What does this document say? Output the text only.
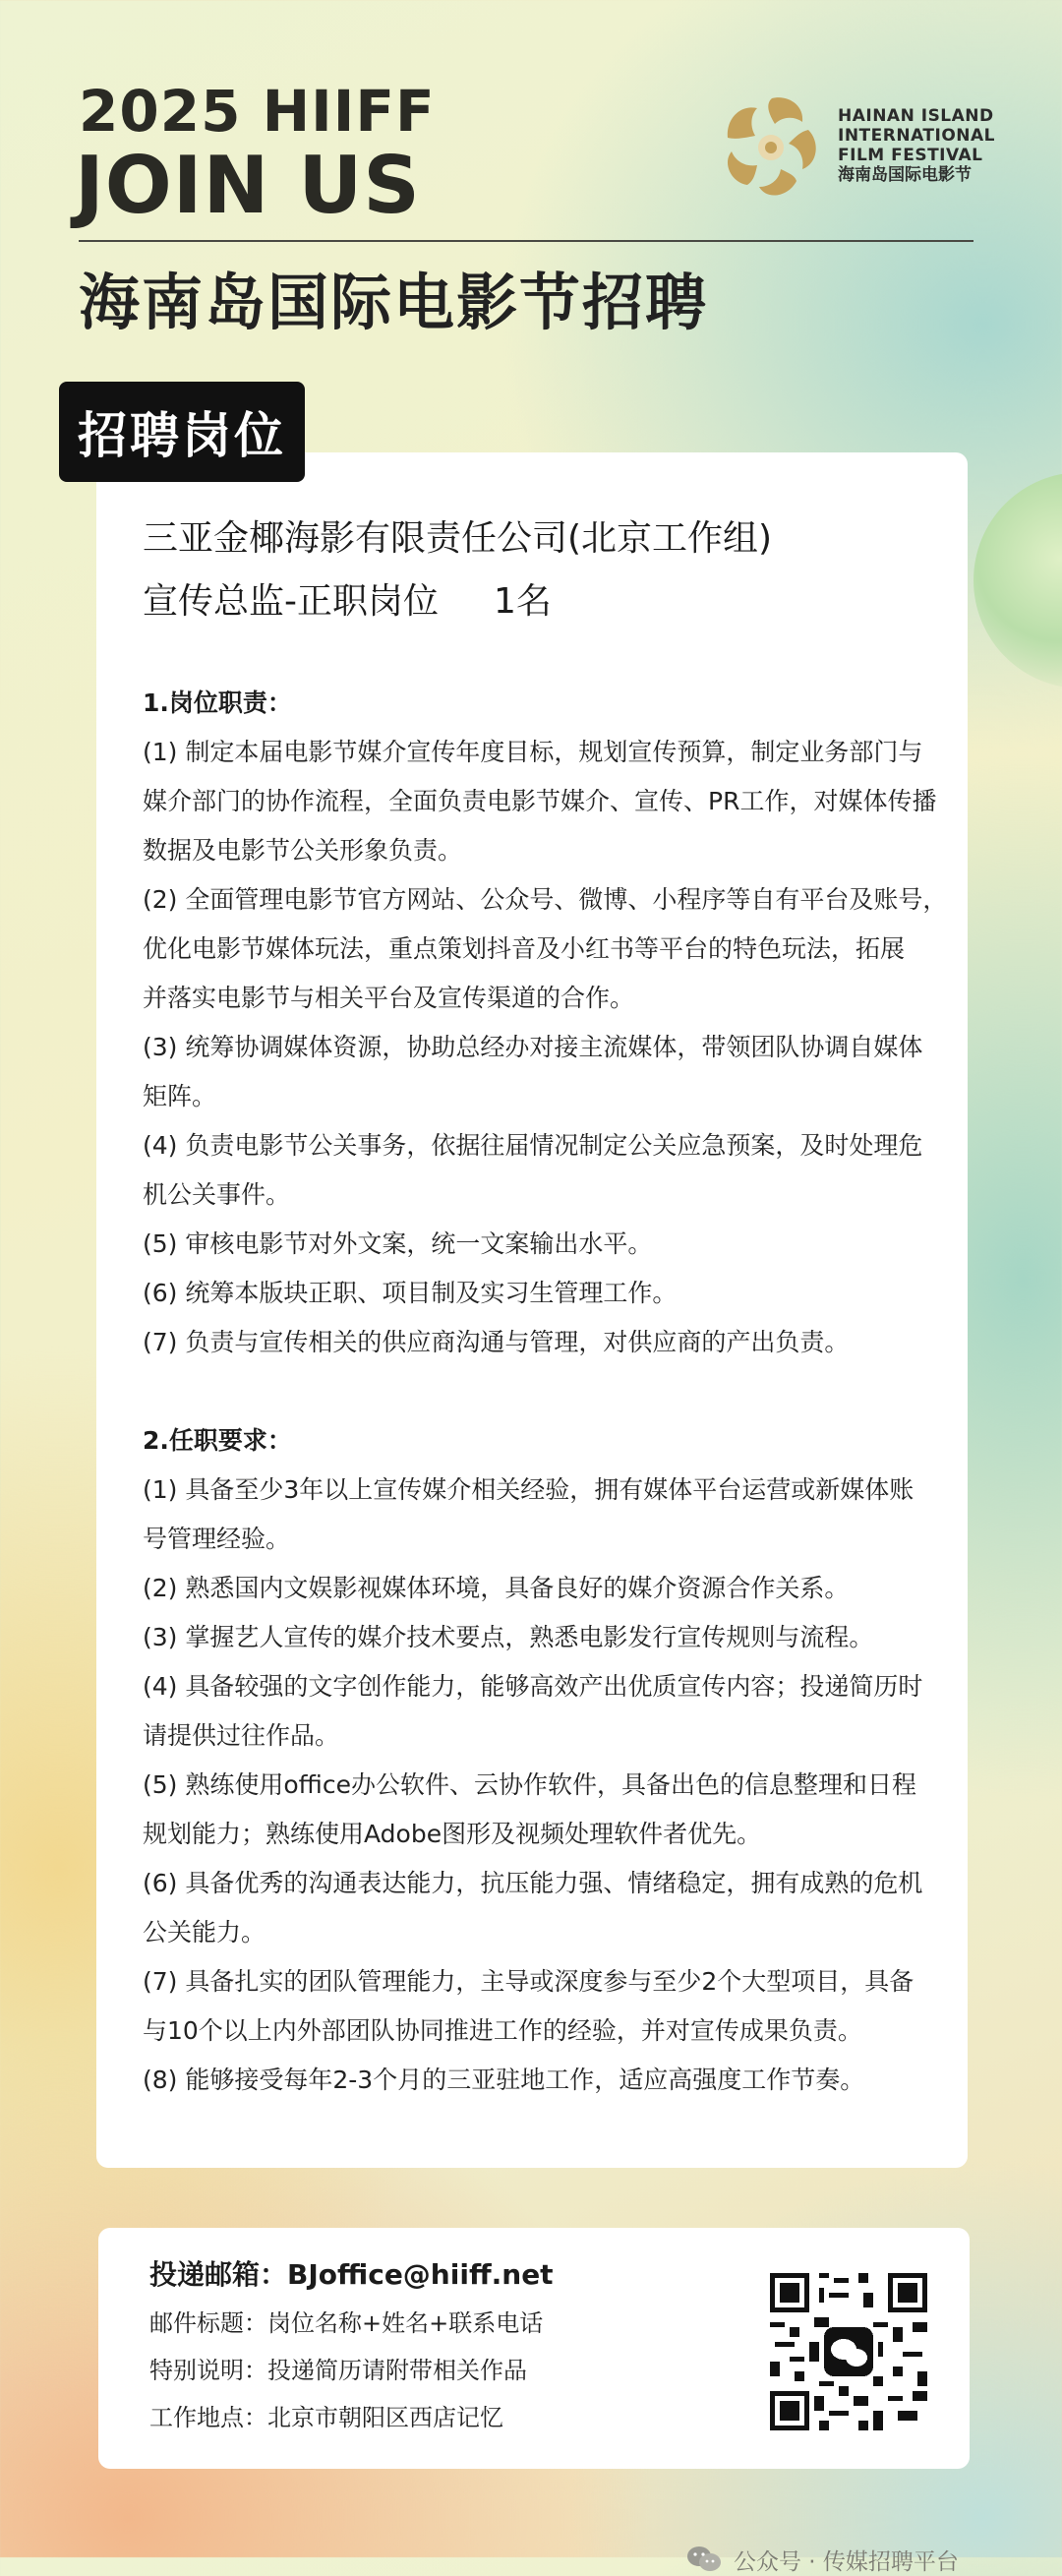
2025 HIIFF
JOIN US
HAINAN ISLAND
INTERNATIONAL
FILM FESTIVAL
海南岛国际电影节
海南岛国际电影节招聘
招聘岗位
三亚金椰海影有限责任公司(北京工作组)
宣传总监-正职岗位 1名

1.岗位职责：

(1) 制定本届电影节媒介宣传年度目标，规划宣传预算，制定业务部门与

媒介部门的协作流程，全面负责电影节媒介、宣传、PR工作，对媒体传播

数据及电影节公关形象负责。

(2) 全面管理电影节官方网站、公众号、微博、小程序等自有平台及账号，

优化电影节媒体玩法，重点策划抖音及小红书等平台的特色玩法，拓展

并落实电影节与相关平台及宣传渠道的合作。

(3) 统筹协调媒体资源，协助总经办对接主流媒体，带领团队协调自媒体

矩阵。

(4) 负责电影节公关事务，依据往届情况制定公关应急预案，及时处理危

机公关事件。

(5) 审核电影节对外文案，统一文案输出水平。

(6) 统筹本版块正职、项目制及实习生管理工作。

(7) 负责与宣传相关的供应商沟通与管理，对供应商的产出负责。

2.任职要求：

(1) 具备至少3年以上宣传媒介相关经验，拥有媒体平台运营或新媒体账

号管理经验。

(2) 熟悉国内文娱影视媒体环境，具备良好的媒介资源合作关系。

(3) 掌握艺人宣传的媒介技术要点，熟悉电影发行宣传规则与流程。

(4) 具备较强的文字创作能力，能够高效产出优质宣传内容；投递简历时

请提供过往作品。

(5) 熟练使用office办公软件、云协作软件，具备出色的信息整理和日程

规划能力；熟练使用Adobe图形及视频处理软件者优先。

(6) 具备优秀的沟通表达能力，抗压能力强、情绪稳定，拥有成熟的危机

公关能力。

(7) 具备扎实的团队管理能力，主导或深度参与至少2个大型项目，具备

与10个以上内外部团队协同推进工作的经验，并对宣传成果负责。

(8) 能够接受每年2-3个月的三亚驻地工作，适应高强度工作节奏。

投递邮箱：BJoffice@hiiff.net
邮件标题：岗位名称+姓名+联系电话
特别说明：投递简历请附带相关作品
工作地点：北京市朝阳区西店记忆
公众号 · 传媒招聘平台
